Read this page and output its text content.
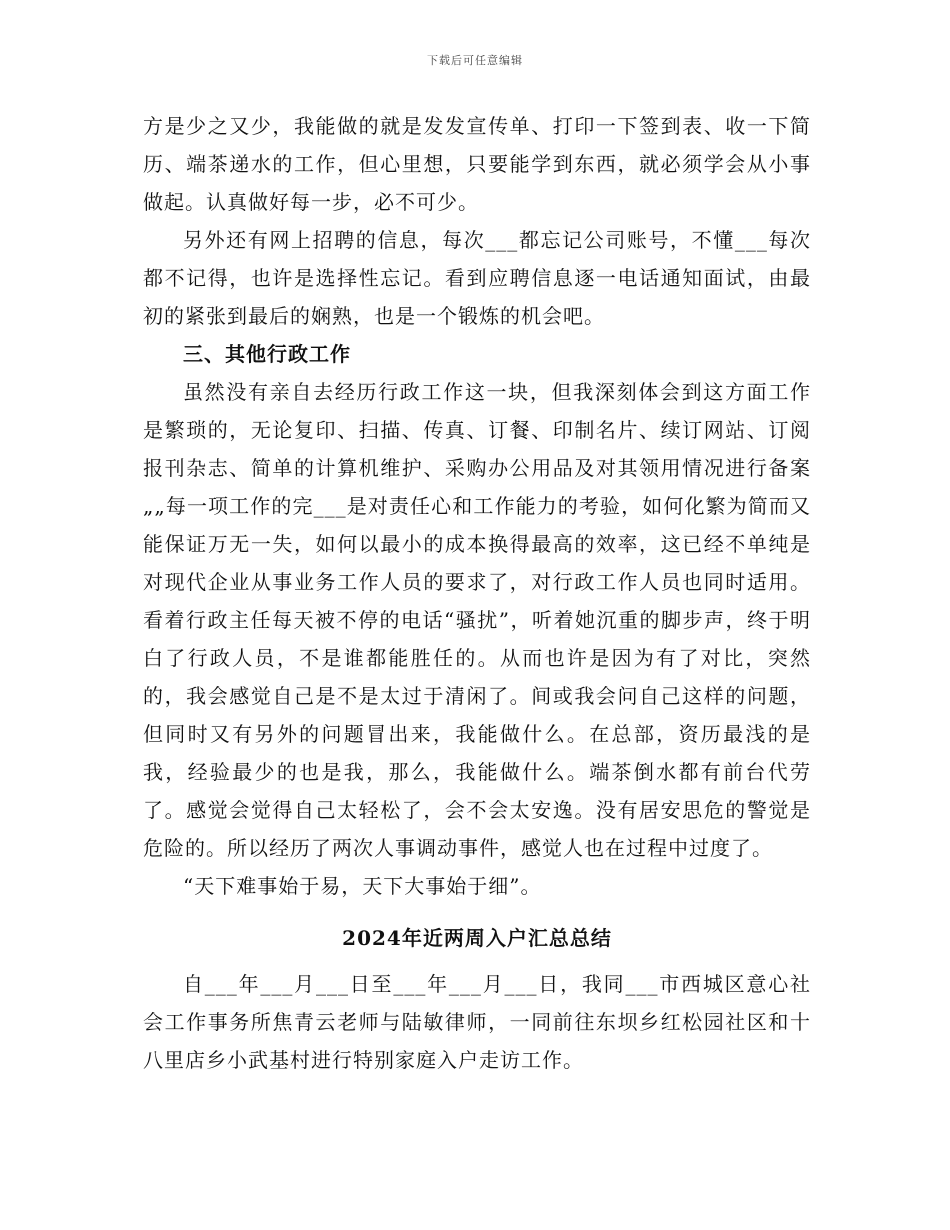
下载后可任意编辑

方是少之又少，我能做的就是发发宣传单、打印一下签到表、收一下简历、端茶递水的工作，但心里想，只要能学到东西，就必须学会从小事做起。认真做好每一步，必不可少。

另外还有网上招聘的信息，每次___都忘记公司账号，不懂___每次都不记得，也许是选择性忘记。看到应聘信息逐一电话通知面试，由最初的紧张到最后的娴熟，也是一个锻炼的机会吧。

三、其他行政工作

虽然没有亲自去经历行政工作这一块，但我深刻体会到这方面工作是繁琐的，无论复印、扫描、传真、订餐、印制名片、续订网站、订阅报刊杂志、简单的计算机维护、采购办公用品及对其领用情况进行备案„„每一项工作的完___是对责任心和工作能力的考验，如何化繁为简而又能保证万无一失，如何以最小的成本换得最高的效率，这已经不单纯是对现代企业从事业务工作人员的要求了，对行政工作人员也同时适用。看着行政主任每天被不停的电话“骚扰”，听着她沉重的脚步声，终于明白了行政人员，不是谁都能胜任的。从而也许是因为有了对比，突然的，我会感觉自己是不是太过于清闲了。间或我会问自己这样的问题，但同时又有另外的问题冒出来，我能做什么。在总部，资历最浅的是我，经验最少的也是我，那么，我能做什么。端茶倒水都有前台代劳了。感觉会觉得自己太轻松了，会不会太安逸。没有居安思危的警觉是危险的。所以经历了两次人事调动事件，感觉人也在过程中过度了。

“天下难事始于易，天下大事始于细”。

2024年近两周入户汇总总结

自___年___月___日至___年___月___日，我同___市西城区意心社会工作事务所焦青云老师与陆敏律师，一同前往东坝乡红松园社区和十八里店乡小武基村进行特别家庭入户走访工作。
